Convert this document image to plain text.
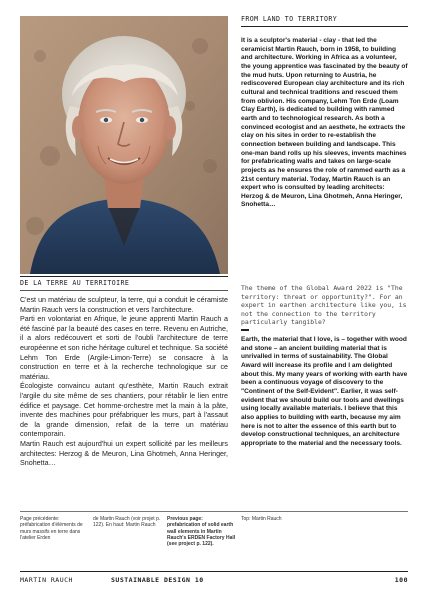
DE LA TERRE AU TERRITOIRE

C'est un matériau de sculpteur, la terre, qui a conduit le céramiste Martin Rauch vers la construction et vers l'architecture.

Parti en volontariat en Afrique, le jeune apprenti Martin Rauch a été fasciné par la beauté des cases en terre. Revenu en Autriche, il a alors redécouvert et sorti de l'oubli l'architecture de terre européenne et son riche héritage culturel et technique. Sa société Lehm Ton Erde (Argile-Limon-Terre) se consacre à la construction en terre et à la recherche technologique sur ce matériau.

Écologiste convaincu autant qu'esthète, Martin Rauch extrait l'argile du site même de ses chantiers, pour rétablir le lien entre édifice et paysage. Cet homme-orchestre met la main à la pâte, invente des machines pour préfabriquer les murs, part à l'assaut de la grande dimension, refait de la terre un matériau contemporain.

Martin Rauch est aujourd'hui un expert sollicité par les meilleurs architectes: Herzog & de Meuron, Lina Ghotmeh, Anna Heringer, Snohetta…

FROM LAND TO TERRITORY

It is a sculptor's material - clay - that led the ceramicist Martin Rauch, born in 1958, to building and architecture. Working in Africa as a volunteer, the young apprentice was fascinated by the beauty of the mud huts. Upon returning to Austria, he rediscovered European clay architecture and its rich cultural and technical traditions and rescued them from oblivion. His company, Lehm Ton Erde (Loam Clay Earth), is dedicated to building with rammed earth and to technological research. As both a convinced ecologist and an aesthete, he extracts the clay on his sites in order to re-establish the connection between building and landscape. This one-man band rolls up his sleeves, invents machines for prefabricating walls and takes on large-scale projects as he ensures the role of rammed earth as a 21st century material. Today, Martin Rauch is an expert who is consulted by leading architects: Herzog & de Meuron, Lina Ghotmeh, Anna Heringer, Snohetta…

The theme of the Global Award 2022 is "The territory: threat or opportunity?". For an expert in earthen architecture like you, is not the connection to the territory particularly tangible?

Earth, the material that I love, is – together with wood and stone – an ancient building material that is unrivalled in terms of sustainability. The Global Award will increase its profile and I am delighted about this. My many years of working with earth have been a continuous voyage of discovery to the "Continent of the Self-Evident". Earlier, it was self-evident that we should build our tools and dwellings using locally available materials. I believe that this also applies to building with earth, because my aim here is not to alter the essence of this earth but to develop constructional techniques, an architecture appropriate to the material and the necessary tools.

Page précédente: préfabrication d'éléments de murs massifs en terre dans l'atelier Erden
de Martin Rauch (voir projet p. 122). En haut: Martin Rauch
Previous page: prefabrication of solid earth wall elements in Martin Rauch's ERDEN Factory Hall (see project p. 122).
Top: Martin Rauch
MARTIN RAUCH	SUSTAINABLE DESIGN 10	100
